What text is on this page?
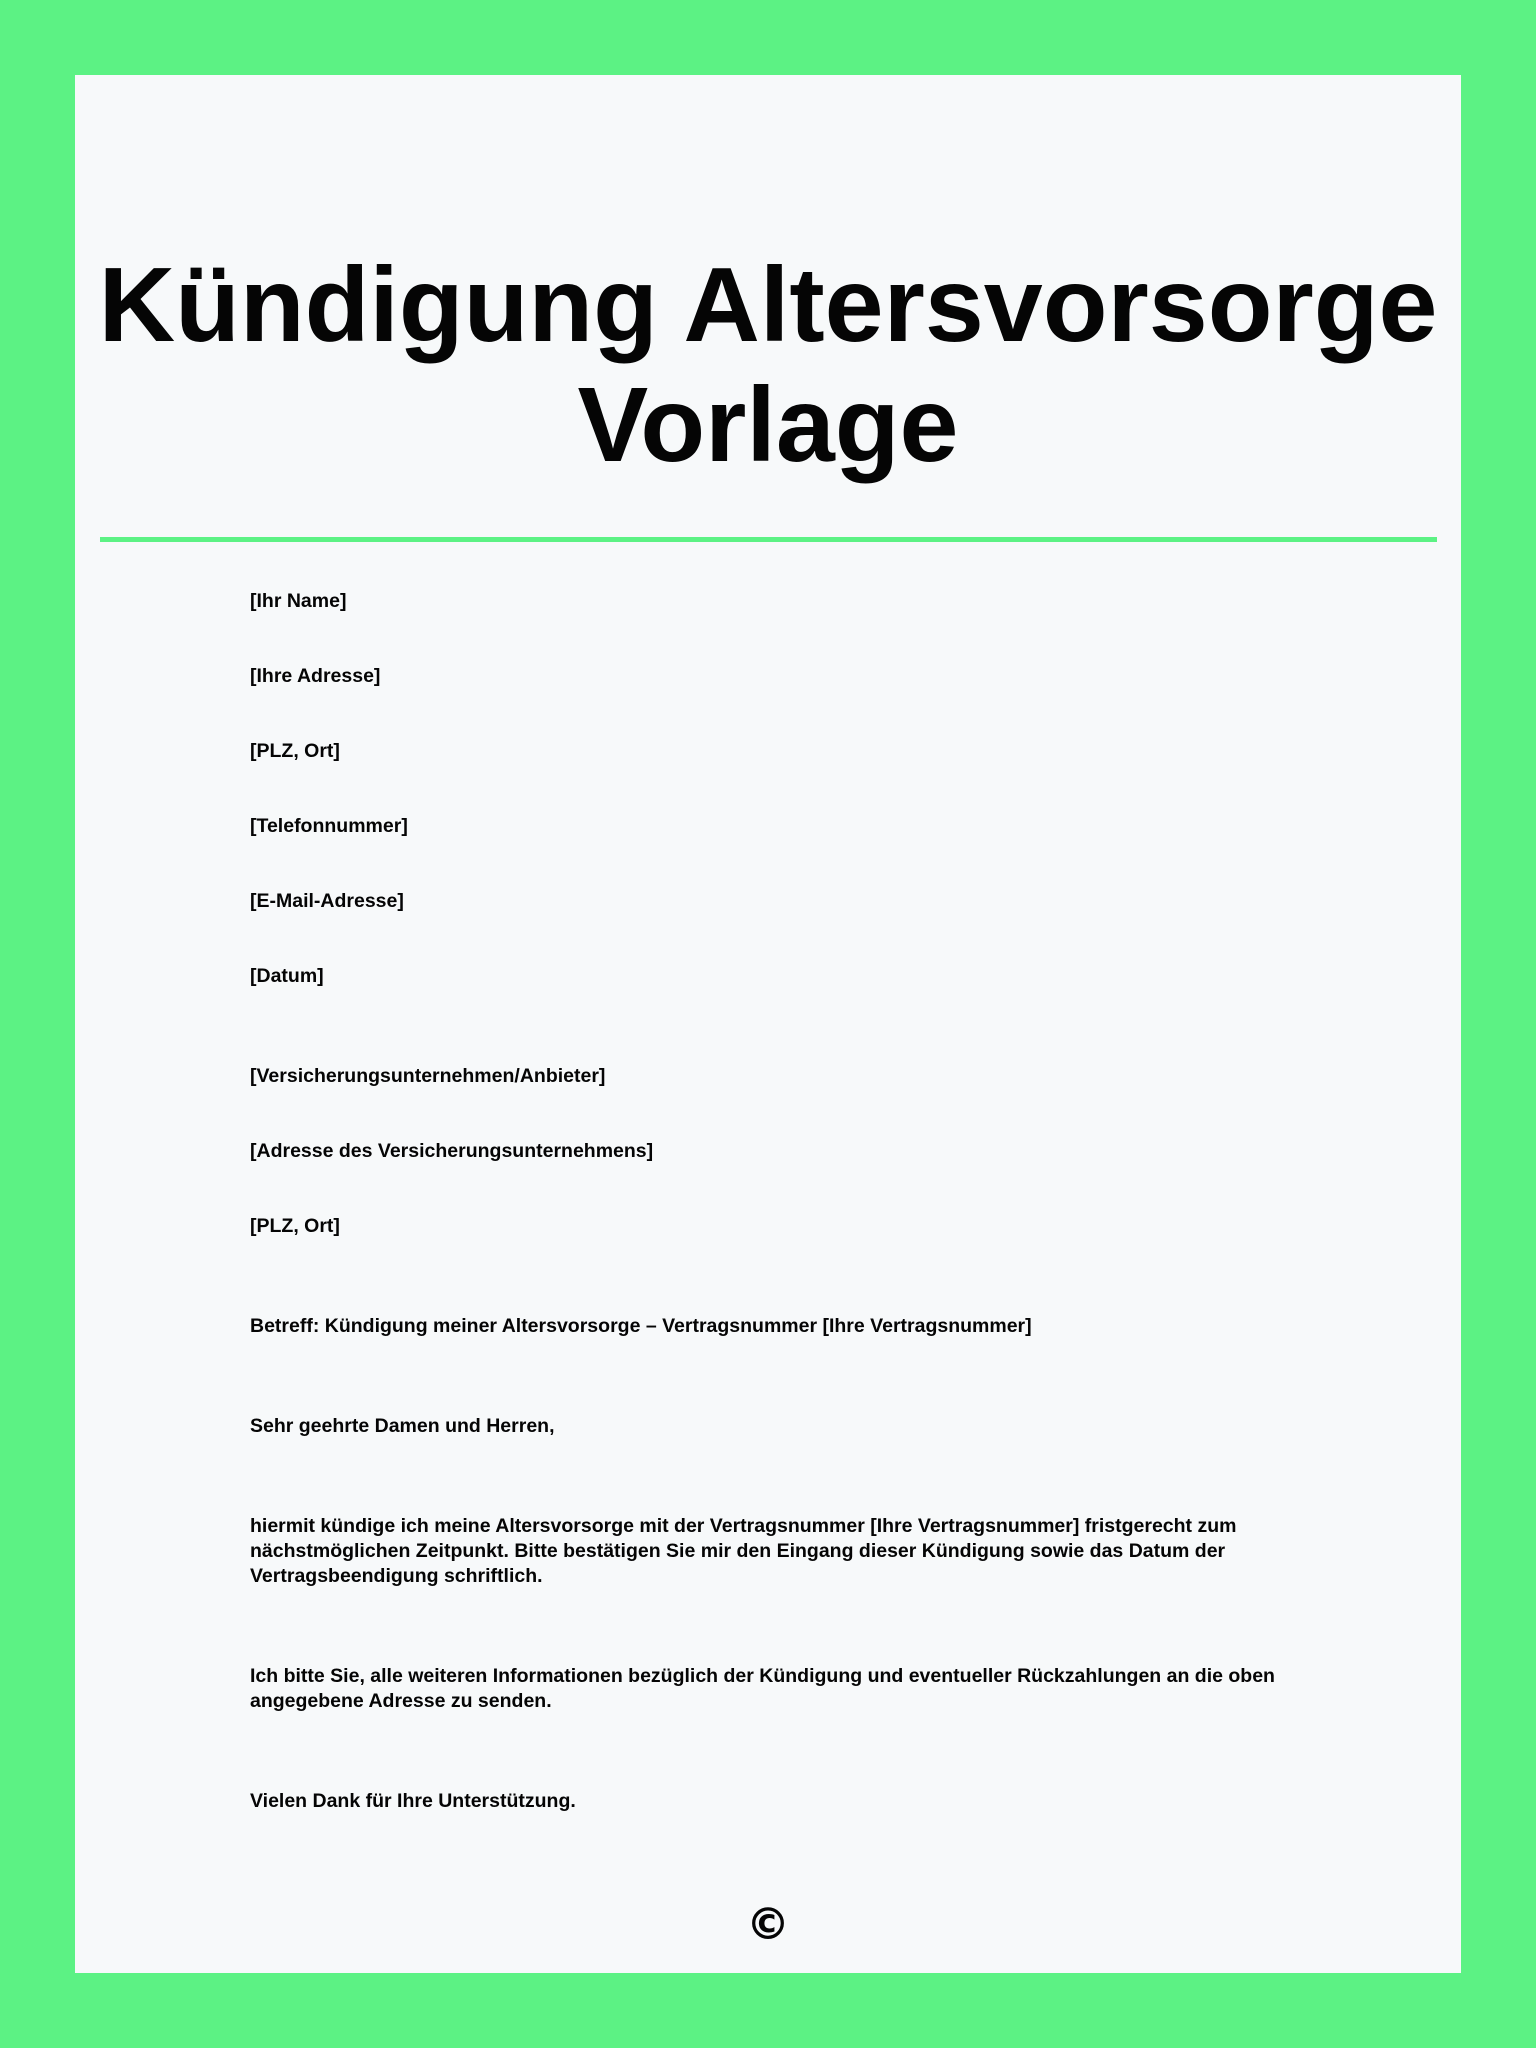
Kündigung Altersvorsorge
Vorlage

[Ihr Name]

[Ihre Adresse]

[PLZ, Ort]

[Telefonnummer]

[E-Mail-Adresse]

[Datum]

[Versicherungsunternehmen/Anbieter]

[Adresse des Versicherungsunternehmens]

[PLZ, Ort]

Betreff: Kündigung meiner Altersvorsorge – Vertragsnummer [Ihre Vertragsnummer]

Sehr geehrte Damen und Herren,

hiermit kündige ich meine Altersvorsorge mit der Vertragsnummer [Ihre Vertragsnummer] fristgerecht zum nächstmöglichen Zeitpunkt. Bitte bestätigen Sie mir den Eingang dieser Kündigung sowie das Datum der Vertragsbeendigung schriftlich.

Ich bitte Sie, alle weiteren Informationen bezüglich der Kündigung und eventueller Rückzahlungen an die oben angegebene Adresse zu senden.

Vielen Dank für Ihre Unterstützung.

©
